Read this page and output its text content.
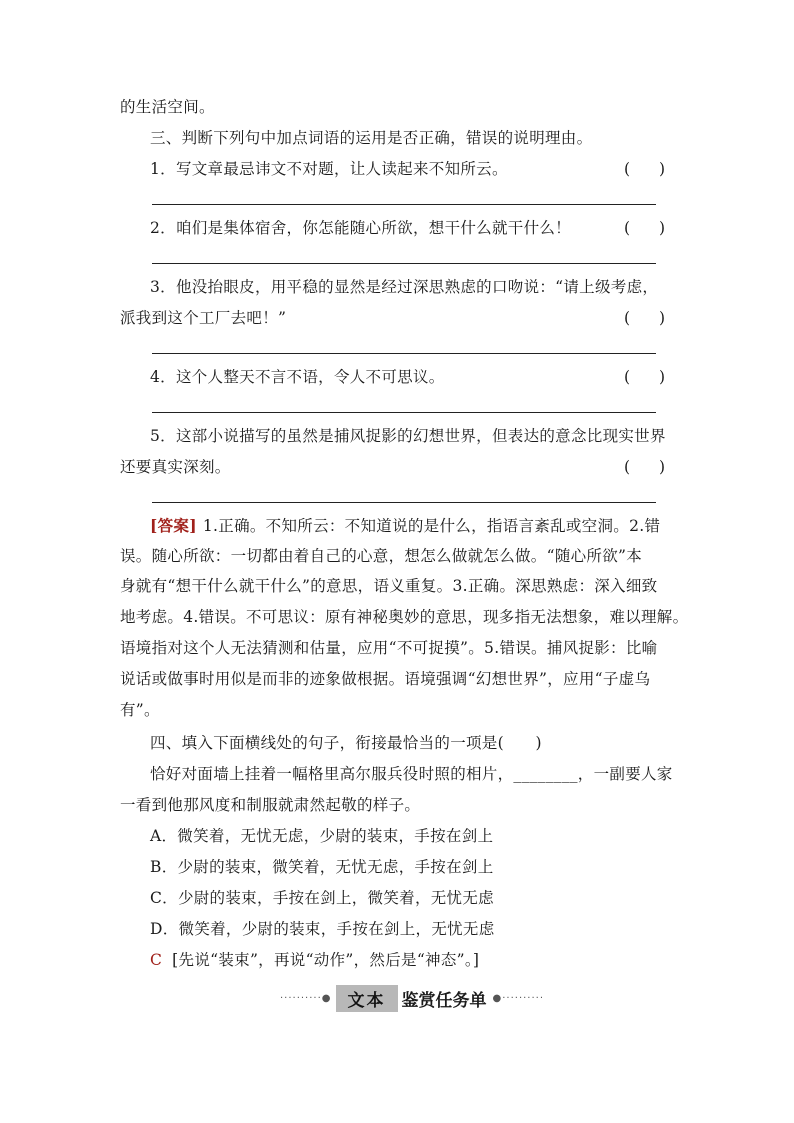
的生活空间。
三、判断下列句中加点词语的运用是否正确，错误的说明理由。
1．写文章最忌讳文不对题，让人读起来不知所云。	( )
2．咱们是集体宿舍，你怎能随心所欲，想干什么就干什么！	( )
3．他没抬眼皮，用平稳的显然是经过深思熟虑的口吻说：“请上级考虑，
派我到这个工厂去吧！”	( )
4．这个人整天不言不语，令人不可思议。	( )
5．这部小说描写的虽然是捕风捉影的幻想世界，但表达的意念比现实世界
还要真实深刻。	( )
[答案] 1.正确。不知所云：不知道说的是什么，指语言紊乱或空洞。2.错
误。随心所欲：一切都由着自己的心意，想怎么做就怎么做。“随心所欲”本
身就有“想干什么就干什么”的意思，语义重复。3.正确。深思熟虑：深入细致
地考虑。4.错误。不可思议：原有神秘奥妙的意思，现多指无法想象，难以理解。
语境指对这个人无法猜测和估量，应用“不可捉摸”。5.错误。捕风捉影：比喻
说话或做事时用似是而非的迹象做根据。语境强调“幻想世界”，应用“子虚乌
有”。
四、填入下面横线处的句子，衔接最恰当的一项是(　　)
恰好对面墙上挂着一幅格里高尔服兵役时照的相片，________，一副要人家
一看到他那风度和制服就肃然起敬的样子。
A．微笑着，无忧无虑，少尉的装束，手按在剑上
B．少尉的装束，微笑着，无忧无虑，手按在剑上
C．少尉的装束，手按在剑上，微笑着，无忧无虑
D．微笑着，少尉的装束，手按在剑上，无忧无虑
C [先说“装束”，再说“动作”，然后是“神态”。]
··········● 文本 鉴赏任务单 ●··········
